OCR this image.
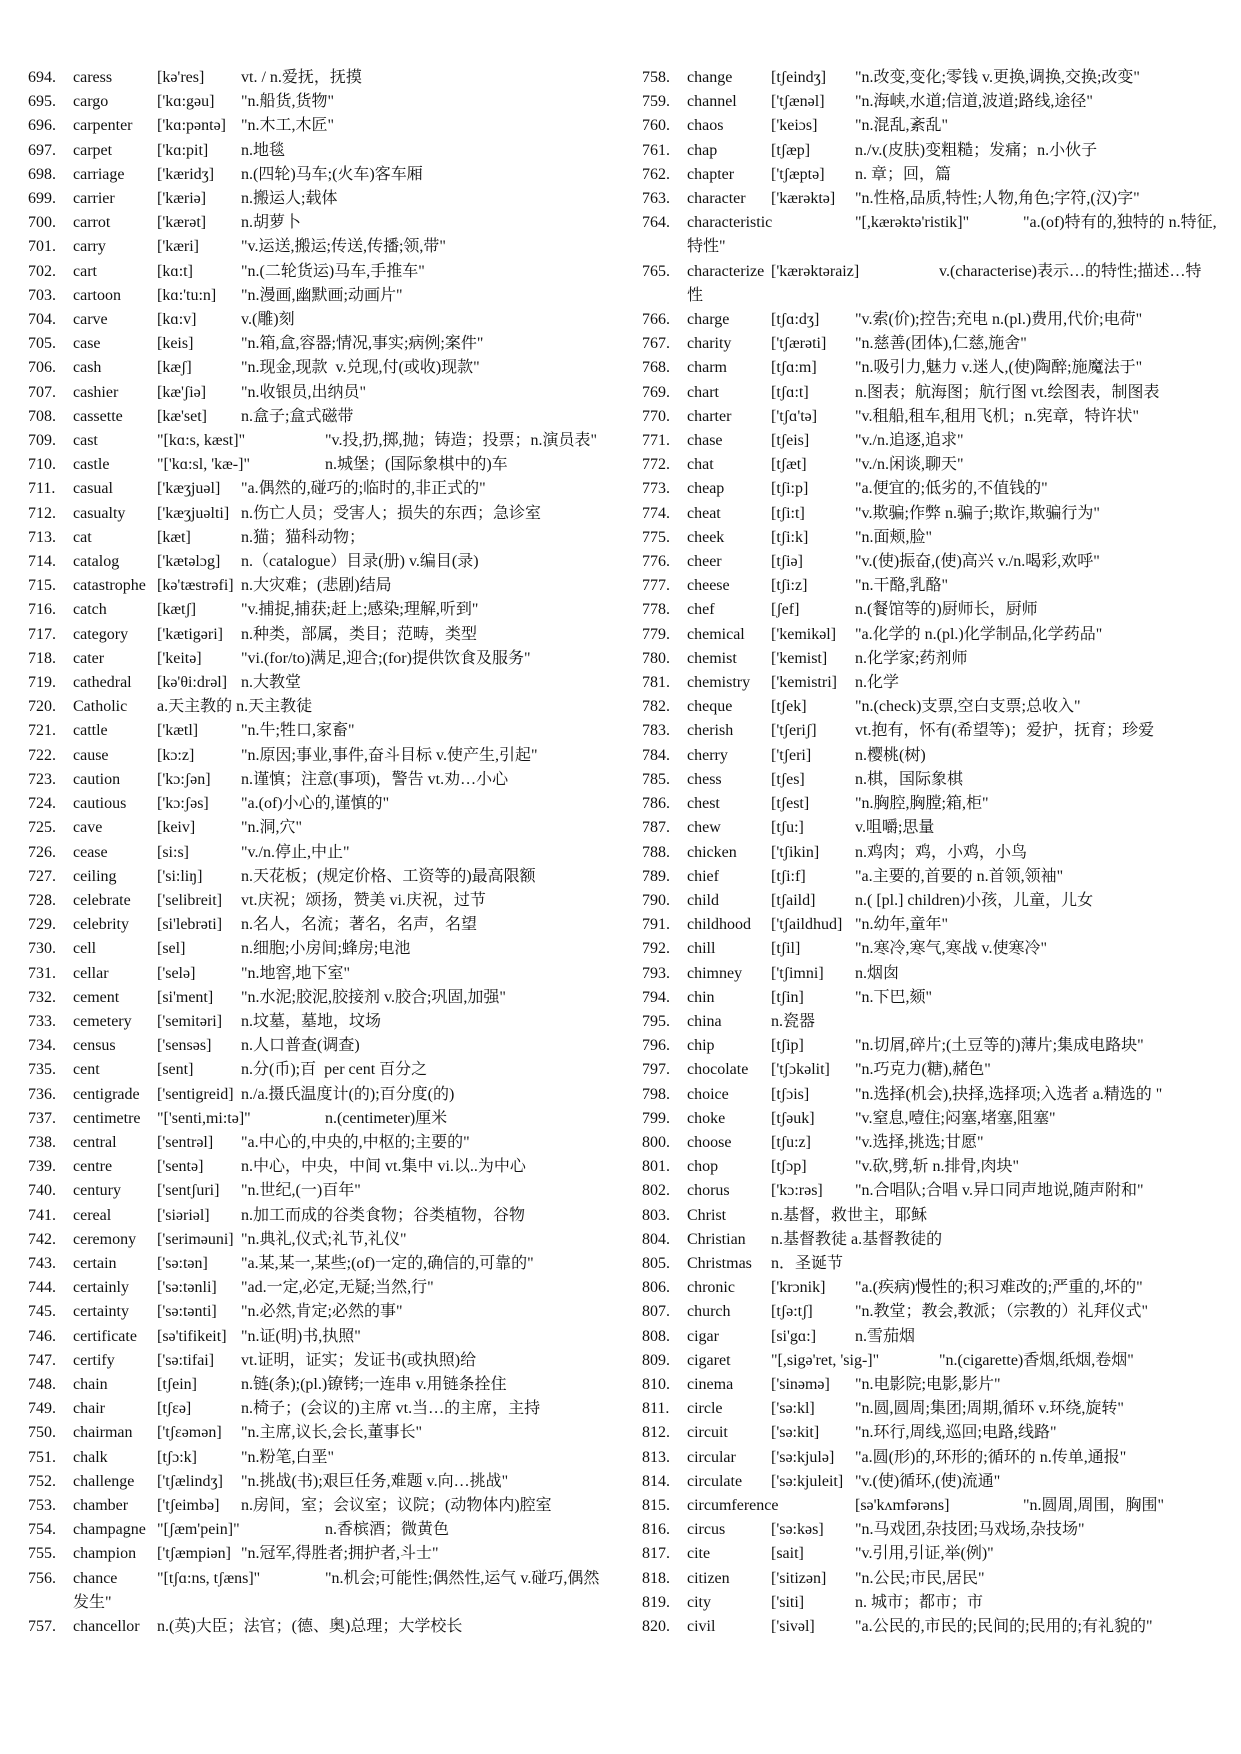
694.	caress		[kə'res]	vt. / n.爱抚，抚摸
695.	cargo		['kɑ:gəu]	"n.船货,货物"
696.	carpenter	['kɑ:pəntə]	"n.木工,木匠"
697.	carpet		['kɑ:pit]	n.地毯
698.	carriage	['kæridʒ]	n.(四轮)马车;(火车)客车厢
699.	carrier		['kæriə]	n.搬运人;载体
700.	carrot		['kærət]	n.胡萝卜
701.	carry		['kæri]		"v.运送,搬运;传送,传播;领,带"
702.	cart		[kɑ:t]		"n.(二轮货运)马车,手推车"
703.	cartoon	[kɑ:'tu:n]	"n.漫画,幽默画;动画片"
704.	carve		[kɑ:v]		v.(雕)刻
705.	case		[keis]		"n.箱,盒,容器;情况,事实;病例;案件"
706.	cash		[kæʃ]		"n.现金,现款  v.兑现,付(或收)现款"
707.	cashier	[kæ'ʃiə]	"n.收银员,出纳员"
708.	cassette	[kæ'set]	n.盒子;盒式磁带
709.	cast		"[kɑ:s, kæst]"		"v.投,扔,掷,抛；铸造；投票；n.演员表"
710.	castle		"['kɑ:sl, 'kæ-]"		n.城堡；(国际象棋中的)车
711.	casual		['kæʒjuəl]	"a.偶然的,碰巧的;临时的,非正式的"
712.	casualty	['kæʒjuəlti]	n.伤亡人员；受害人；损失的东西；急诊室
713.	cat		[kæt]		n.猫；猫科动物；
714.	catalog	['kætəlɔg]	n.（catalogue）目录(册) v.编目(录)
715.	catastrophe	[kə'tæstrəfi]	n.大灾难；(悲剧)结局
716.	catch		[kætʃ]		"v.捕捉,捕获;赶上;感染;理解,听到"
717.	category	['kætigəri]	n.种类，部属，类目；范畴，类型
718.	cater		['keitə]	"vi.(for/to)满足,迎合;(for)提供饮食及服务"
719.	cathedral	[kə'θi:drəl]	n.大教堂
720.	Catholic	a.天主教的 n.天主教徒
721.	cattle		['kætl]		"n.牛;牲口,家畜"
722.	cause		[kɔ:z]		"n.原因;事业,事件,奋斗目标 v.使产生,引起"
723.	caution	['kɔ:ʃən]	n.谨慎；注意(事项)，警告 vt.劝…小心
724.	cautious	['kɔ:ʃəs]	"a.(of)小心的,谨慎的"
725.	cave		[keiv]		"n.洞,穴"
726.	cease		[si:s]		"v./n.停止,中止"
727.	ceiling		['si:liŋ]	n.天花板；(规定价格、工资等的)最高限额
728.	celebrate	['selibreit]	vt.庆祝；颂扬，赞美 vi.庆祝，过节
729.	celebrity	[si'lebrəti]	n.名人，名流；著名，名声，名望
730.	cell		[sel]		n.细胞;小房间;蜂房;电池
731.	cellar		['selə]		"n.地窖,地下室"
732.	cement	[si'ment]	"n.水泥;胶泥,胶接剂 v.胶合;巩固,加强"
733.	cemetery	['semitəri]	n.坟墓，墓地，坟场
734.	census		['sensəs]	n.人口普查(调查)
735.	cent		[sent]		n.分(币);百  per cent 百分之
736.	centigrade	['sentigreid]	n./a.摄氏温度计(的);百分度(的)
737.	centimetre	"['senti,mi:tə]"		n.(centimeter)厘米
738.	central		['sentrəl]	"a.中心的,中央的,中枢的;主要的"
739.	centre		['sentə]	n.中心，中央，中间 vt.集中 vi.以..为中心
740.	century	['sentʃuri]	"n.世纪,(一)百年"
741.	cereal		['siəriəl]	n.加工而成的谷类食物；谷类植物，谷物
742.	ceremony	['seriməuni]	"n.典礼,仪式;礼节,礼仪"
743.	certain		['sə:tən]	"a.某,某一,某些;(of)一定的,确信的,可靠的"
744.	certainly	['sə:tənli]	"ad.一定,必定,无疑;当然,行"
745.	certainty	['sə:tənti]	"n.必然,肯定;必然的事"
746.	certificate	[sə'tifikeit]	"n.证(明)书,执照"
747.	certify		['sə:tifai]	vt.证明，证实；发证书(或执照)给
748.	chain		[tʃein]		n.链(条);(pl.)镣铐;一连串 v.用链条拴住
749.	chair		[tʃɛə]		n.椅子；(会议的)主席 vt.当…的主席，主持
750.	chairman	['tʃɛəmən]	"n.主席,议长,会长,董事长"
751.	chalk		[tʃɔ:k]		"n.粉笔,白垩"
752.	challenge	['tʃælindʒ]	"n.挑战(书);艰巨任务,难题 v.向…挑战"
753.	chamber	['tʃeimbə]	n.房间，室；会议室；议院；(动物体内)腔室
754.	champagne	"[ʃæm'pein]"		n.香槟酒；微黄色
755.	champion	['tʃæmpiən]	"n.冠军,得胜者;拥护者,斗士"
756.	chance	"[tʃɑ:ns, tʃæns]"		"n.机会;可能性;偶然性,运气 v.碰巧,偶然发生"
757.	chancellor	n.(英)大臣；法官；(德、奥)总理；大学校长
758.	change	[tʃeindʒ]	"n.改变,变化;零钱 v.更换,调换,交换;改变"
759.	channel	['tʃænəl]	"n.海峡,水道;信道,波道;路线,途径"
760.	chaos		['keiɔs]	"n.混乱,紊乱"
761.	chap		[tʃæp]		n./v.(皮肤)变粗糙；发痛；n.小伙子
762.	chapter	['tʃæptə]	n. 章；回，篇
763.	character	['kærəktə]	"n.性格,品质,特性;人物,角色;字符,(汉)字"
764.	characteristic		"[,kærəktə'ristik]"		"a.(of)特有的,独特的 n.特征,特性"
765.	characterize	['kærəktəraiz]		v.(characterise)表示…的特性;描述…特性
766.	charge		[tʃɑ:dʒ]	"v.索(价);控告;充电 n.(pl.)费用,代价;电荷"
767.	charity	['tʃærəti]	"n.慈善(团体),仁慈,施舍"
768.	charm		[tʃɑ:m]	"n.吸引力,魅力 v.迷人,(使)陶醉;施魔法于"
769.	chart		[tʃɑ:t]		n.图表；航海图；航行图 vt.绘图表，制图表
770.	charter	['tʃɑ'tə]	"v.租船,租车,租用飞机；n.宪章，特许状"
771.	chase		[tʃeis]		"v./n.追逐,追求"
772.	chat		[tʃæt]		"v./n.闲谈,聊天"
773.	cheap		[tʃi:p]		"a.便宜的;低劣的,不值钱的"
774.	cheat		[tʃi:t]		"v.欺骗;作弊 n.骗子;欺诈,欺骗行为"
775.	cheek		[tʃi:k]		"n.面颊,脸"
776.	cheer		[tʃiə]		"v.(使)振奋,(使)高兴 v./n.喝彩,欢呼"
777.	cheese		[tʃi:z]		"n.干酪,乳酪"
778.	chef		[ʃef]		n.(餐馆等的)厨师长，厨师
779.	chemical	['kemikəl]	"a.化学的 n.(pl.)化学制品,化学药品"
780.	chemist	['kemist]	n.化学家;药剂师
781.	chemistry	['kemistri]	n.化学
782.	cheque	[tʃek]		"n.(check)支票,空白支票;总收入"
783.	cherish	['tʃeriʃ]	vt.抱有，怀有(希望等)；爱护，抚育；珍爱
784.	cherry		['tʃeri]		n.樱桃(树)
785.	chess		[tʃes]		n.棋，国际象棋
786.	chest		[tʃest]		"n.胸腔,胸膛;箱,柜"
787.	chew		[tʃu:]		v.咀嚼;思量
788.	chicken	['tʃikin]	n.鸡肉；鸡，小鸡，小鸟
789.	chief		[tʃi:f]		"a.主要的,首要的 n.首领,领袖"
790.	child		[tʃaild]	n.( [pl.] children)小孩，儿童，儿女
791.	childhood	['tʃaildhud]	"n.幼年,童年"
792.	chill		[tʃil]		"n.寒冷,寒气,寒战 v.使寒冷"
793.	chimney	['tʃimni]	n.烟囱
794.	chin		[tʃin]		"n.下巴,颏"
795.	china		n.瓷器
796.	chip		[tʃip]		"n.切屑,碎片;(土豆等的)薄片;集成电路块"
797.	chocolate	['tʃɔkəlit]	"n.巧克力(糖),赭色"
798.	choice		[tʃɔis]		"n.选择(机会),抉择,选择项;入选者 a.精选的 "
799.	choke		[tʃəuk]		"v.窒息,噎住;闷塞,堵塞,阻塞"
800.	choose	[tʃu:z]		"v.选择,挑选;甘愿"
801.	chop		[tʃɔp]		"v.砍,劈,斩 n.排骨,肉块"
802.	chorus		['kɔ:rəs]	"n.合唱队;合唱 v.异口同声地说,随声附和"
803.	Christ		n.基督，救世主，耶稣
804.	Christian	n.基督教徒 a.基督教徒的
805.	Christmas	n．圣诞节
806.	chronic	['krɔnik]	"a.(疾病)慢性的;积习难改的;严重的,坏的"
807.	church		[tʃə:tʃ]		"n.教堂；教会,教派；（宗教的）礼拜仪式"
808.	cigar		[si'gɑ:]	n.雪茄烟
809.	cigaret		"[,sigə'ret, 'sig-]"		"n.(cigarette)香烟,纸烟,卷烟"
810.	cinema	['sinəmə]	"n.电影院;电影,影片"
811.	circle		['sə:kl]		"n.圆,圆周;集团;周期,循环 v.环绕,旋转"
812.	circuit		['sə:kit]	"n.环行,周线,巡回;电路,线路"
813.	circular	['sə:kjulə]	"a.圆(形)的,环形的;循环的 n.传单,通报"
814.	circulate	['sə:kjuleit]	"v.(使)循环,(使)流通"
815.	circumference		[sə'kʌmfərəns]		"n.圆周,周围，胸围"
816.	circus		['sə:kəs]	"n.马戏团,杂技团;马戏场,杂技场"
817.	cite		[sait]		"v.引用,引证,举(例)"
818.	citizen		['sitizən]	"n.公民;市民,居民"
819.	city		['siti]		n. 城市；都市；市
820.	civil		['sivəl]		"a.公民的,市民的;民间的;民用的;有礼貌的"
